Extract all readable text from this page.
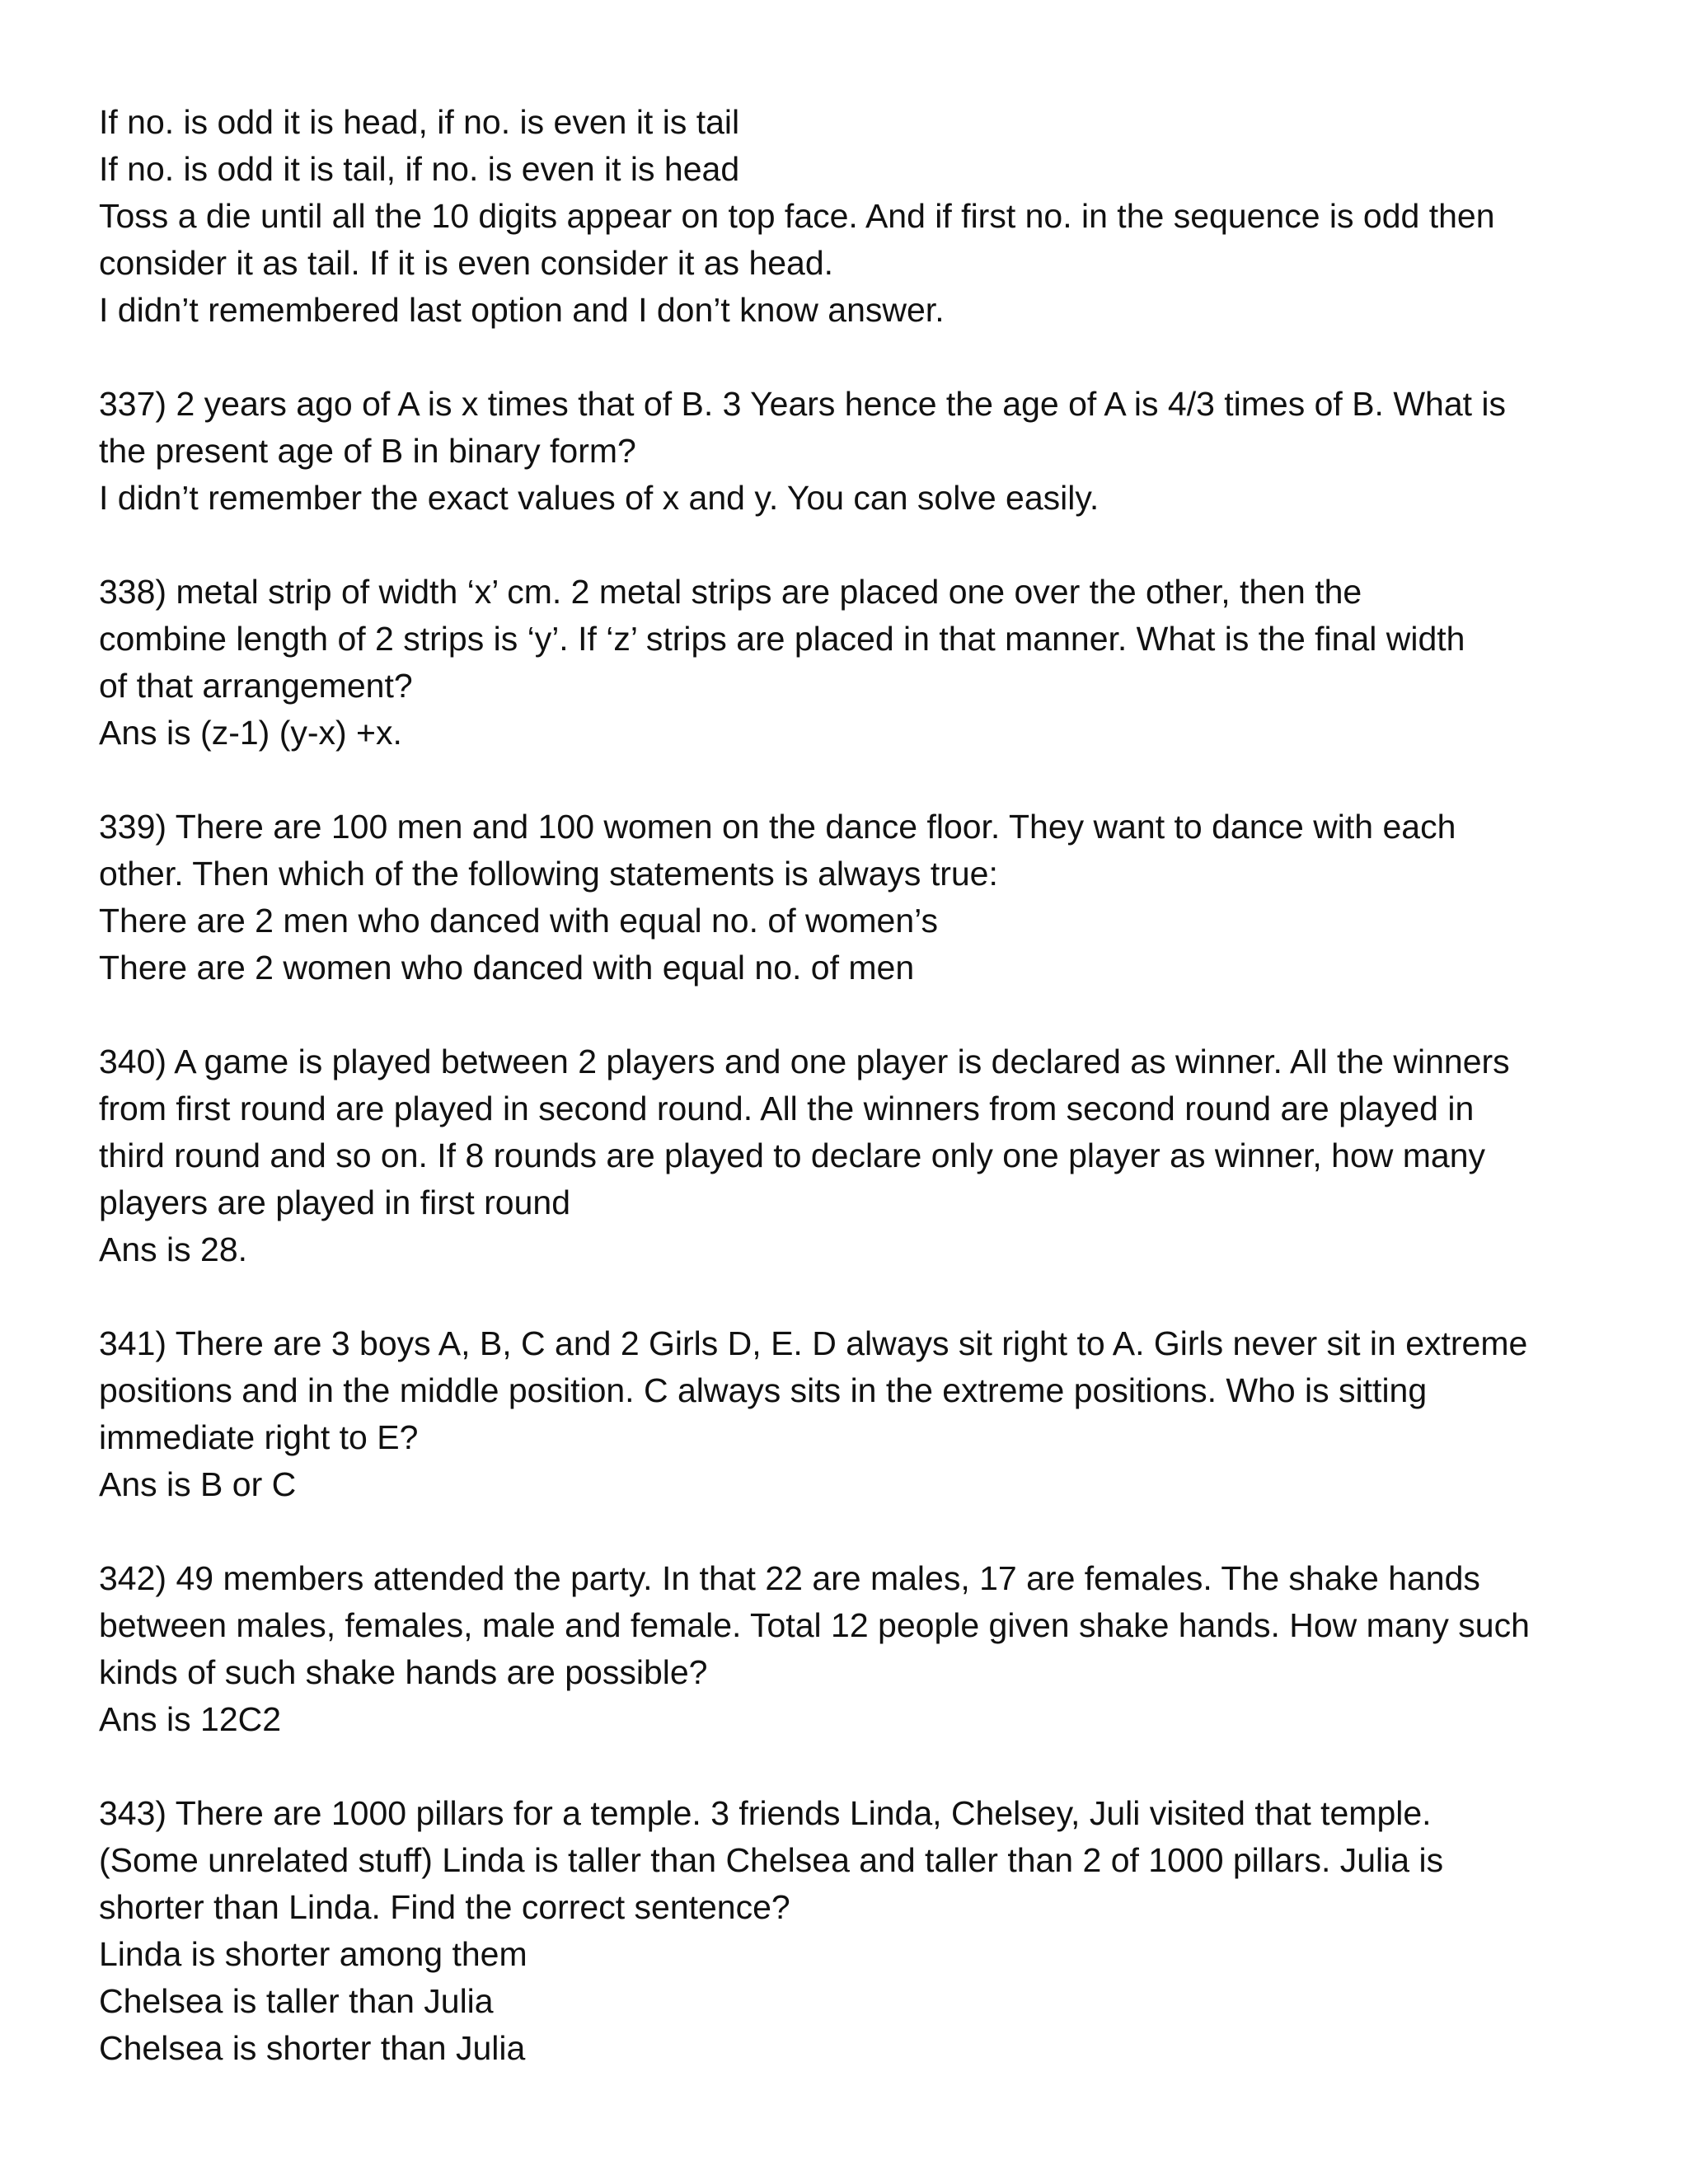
If no. is odd it is head, if no. is even it is tail
If no. is odd it is tail, if no. is even it is head
Toss a die until all the 10 digits appear on top face. And if first no. in the sequence is odd then
consider it as tail. If it is even consider it as head.
I didn’t remembered last option and I don’t know answer.
337) 2 years ago of A is x times that of B. 3 Years hence the age of A is 4/3 times of B. What is
the present age of B in binary form?
I didn’t remember the exact values of x and y. You can solve easily.
338) metal strip of width ‘x’ cm. 2 metal strips are placed one over the other, then the
combine length of 2 strips is ‘y’. If ‘z’ strips are placed in that manner. What is the final width
of that arrangement?
Ans is (z-1) (y-x) +x.
339) There are 100 men and 100 women on the dance floor. They want to dance with each
other. Then which of the following statements is always true:
There are 2 men who danced with equal no. of women’s
There are 2 women who danced with equal no. of men
340) A game is played between 2 players and one player is declared as winner. All the winners
from first round are played in second round. All the winners from second round are played in
third round and so on. If 8 rounds are played to declare only one player as winner, how many
players are played in first round
Ans is 28.
341) There are 3 boys A, B, C and 2 Girls D, E. D always sit right to A. Girls never sit in extreme
positions and in the middle position. C always sits in the extreme positions. Who is sitting
immediate right to E?
Ans is B or C
342) 49 members attended the party. In that 22 are males, 17 are females. The shake hands
between males, females, male and female. Total 12 people given shake hands. How many such
kinds of such shake hands are possible?
Ans is 12C2
343) There are 1000 pillars for a temple. 3 friends Linda, Chelsey, Juli visited that temple.
(Some unrelated stuff) Linda is taller than Chelsea and taller than 2 of 1000 pillars. Julia is
shorter than Linda. Find the correct sentence?
Linda is shorter among them
Chelsea is taller than Julia
Chelsea is shorter than Julia
